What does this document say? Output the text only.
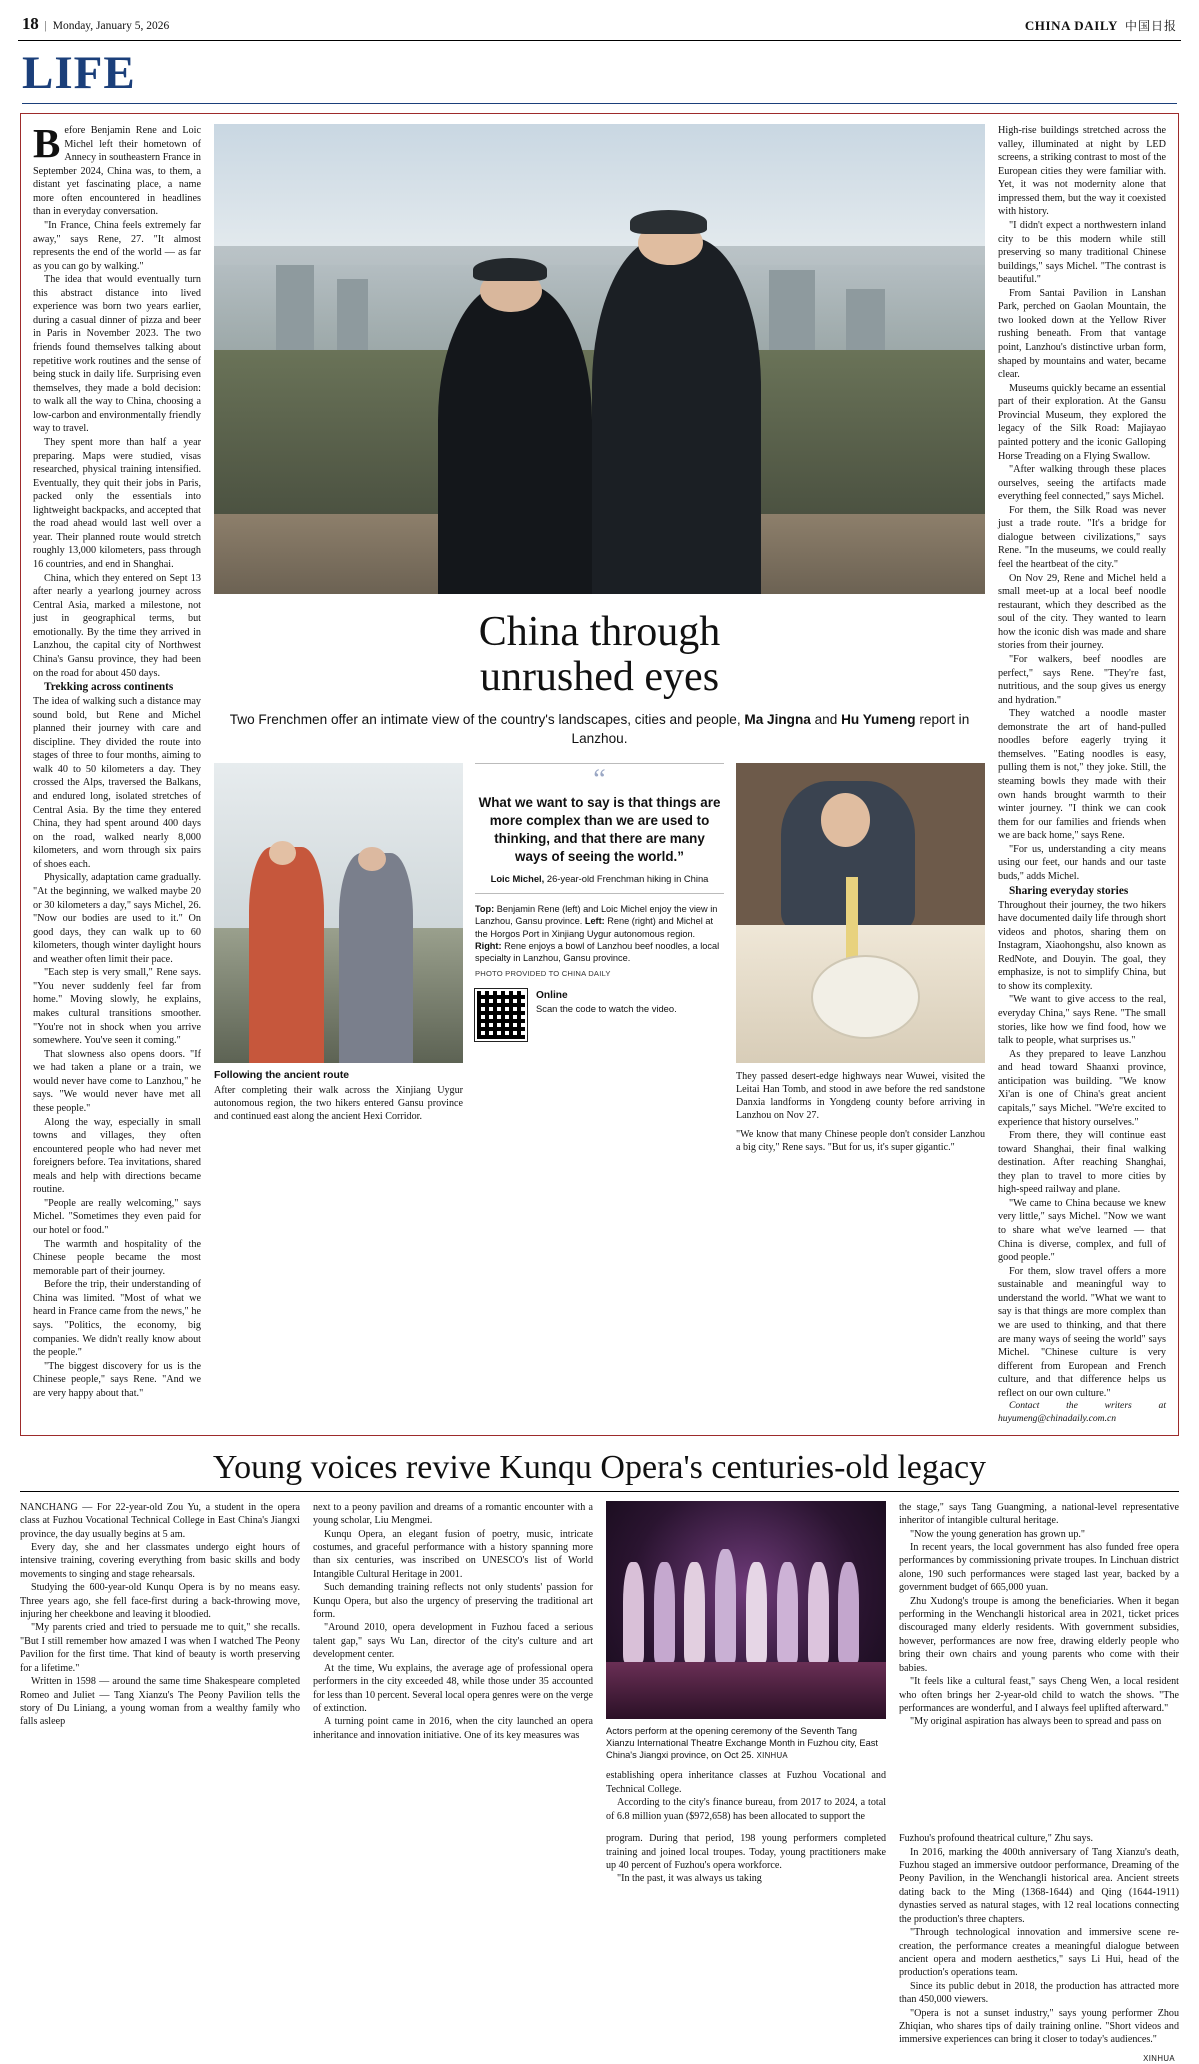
18 | Monday, January 5, 2026	CHINA DAILY 中国日报
LIFE

Before Benjamin Rene and Loic Michel left their hometown of Annecy in southeastern France in September 2024, China was, to them, a distant yet fascinating place, a name more often encountered in headlines than in everyday conversation.

"In France, China feels extremely far away," says Rene, 27. "It almost represents the end of the world — as far as you can go by walking."

The idea that would eventually turn this abstract distance into lived experience was born two years earlier, during a casual dinner of pizza and beer in Paris in November 2023. The two friends found themselves talking about repetitive work routines and the sense of being stuck in daily life. Surprising even themselves, they made a bold decision: to walk all the way to China, choosing a low-carbon and environmentally friendly way to travel.

They spent more than half a year preparing. Maps were studied, visas researched, physical training intensified. Eventually, they quit their jobs in Paris, packed only the essentials into lightweight backpacks, and accepted that the road ahead would last well over a year. Their planned route would stretch roughly 13,000 kilometers, pass through 16 countries, and end in Shanghai.

China, which they entered on Sept 13 after nearly a yearlong journey across Central Asia, marked a milestone, not just in geographical terms, but emotionally. By the time they arrived in Lanzhou, the capital city of Northwest China's Gansu province, they had been on the road for about 450 days.

Trekking across continents

The idea of walking such a distance may sound bold, but Rene and Michel planned their journey with care and discipline. They divided the route into stages of three to four months, aiming to walk 40 to 50 kilometers a day. They crossed the Alps, traversed the Balkans, and endured long, isolated stretches of Central Asia. By the time they entered China, they had spent around 400 days on the road, walked nearly 8,000 kilometers, and worn through six pairs of shoes each.

Physically, adaptation came gradually. "At the beginning, we walked maybe 20 or 30 kilometers a day," says Michel, 26. "Now our bodies are used to it." On good days, they can walk up to 60 kilometers, though winter daylight hours and weather often limit their pace.

"Each step is very small," Rene says. "You never suddenly feel far from home." Moving slowly, he explains, makes cultural transitions smoother. "You're not in shock when you arrive somewhere. You've seen it coming."

That slowness also opens doors. "If we had taken a plane or a train, we would never have come to Lanzhou," he says. "We would never have met all these people."

Along the way, especially in small towns and villages, they often encountered people who had never met foreigners before. Tea invitations, shared meals and help with directions became routine.

"People are really welcoming," says Michel. "Sometimes they even paid for our hotel or food."

The warmth and hospitality of the Chinese people became the most memorable part of their journey.

Before the trip, their understanding of China was limited. "Most of what we heard in France came from the news," he says. "Politics, the economy, big companies. We didn't really know about the people."

"The biggest discovery for us is the Chinese people," says Rene. "And we are very happy about that."

China through
unrushed eyes
Two Frenchmen offer an intimate view of the country's landscapes, cities and people, Ma Jingna and Hu Yumeng report in Lanzhou.
Following the ancient route
After completing their walk across the Xinjiang Uygur autonomous region, the two hikers entered Gansu province and continued east along the ancient Hexi Corridor.
“
What we want to say is that things are more complex than we are used to thinking, and that there are many ways of seeing the world.”
Loic Michel, 26-year-old Frenchman hiking in China
Top: Benjamin Rene (left) and Loic Michel enjoy the view in Lanzhou, Gansu province. Left: Rene (right) and Michel at the Horgos Port in Xinjiang Uygur autonomous region. Right: Rene enjoys a bowl of Lanzhou beef noodles, a local specialty in Lanzhou, Gansu province.
PHOTO PROVIDED TO CHINA DAILY
Online
Scan the code to watch the video.
They passed desert-edge highways near Wuwei, visited the Leitai Han Tomb, and stood in awe before the red sandstone Danxia landforms in Yongdeng county before arriving in Lanzhou on Nov 27.
"We know that many Chinese people don't consider Lanzhou a big city," Rene says. "But for us, it's super gigantic."

High-rise buildings stretched across the valley, illuminated at night by LED screens, a striking contrast to most of the European cities they were familiar with. Yet, it was not modernity alone that impressed them, but the way it coexisted with history.

"I didn't expect a northwestern inland city to be this modern while still preserving so many traditional Chinese buildings," says Michel. "The contrast is beautiful."

From Santai Pavilion in Lanshan Park, perched on Gaolan Mountain, the two looked down at the Yellow River rushing beneath. From that vantage point, Lanzhou's distinctive urban form, shaped by mountains and water, became clear.

Museums quickly became an essential part of their exploration. At the Gansu Provincial Museum, they explored the legacy of the Silk Road: Majiayao painted pottery and the iconic Galloping Horse Treading on a Flying Swallow.

"After walking through these places ourselves, seeing the artifacts made everything feel connected," says Michel.

For them, the Silk Road was never just a trade route. "It's a bridge for dialogue between civilizations," says Rene. "In the museums, we could really feel the heartbeat of the city."

On Nov 29, Rene and Michel held a small meet-up at a local beef noodle restaurant, which they described as the soul of the city. They wanted to learn how the iconic dish was made and share stories from their journey.

"For walkers, beef noodles are perfect," says Rene. "They're fast, nutritious, and the soup gives us energy and hydration."

They watched a noodle master demonstrate the art of hand-pulled noodles before eagerly trying it themselves. "Eating noodles is easy, pulling them is not," they joke. Still, the steaming bowls they made with their own hands brought warmth to their winter journey. "I think we can cook them for our families and friends when we are back home," says Rene.

"For us, understanding a city means using our feet, our hands and our taste buds," adds Michel.

Sharing everyday stories

Throughout their journey, the two hikers have documented daily life through short videos and photos, sharing them on Instagram, Xiaohongshu, also known as RedNote, and Douyin. The goal, they emphasize, is not to simplify China, but to show its complexity.

"We want to give access to the real, everyday China," says Rene. "The small stories, like how we find food, how we talk to people, what surprises us."

As they prepared to leave Lanzhou and head toward Shaanxi province, anticipation was building. "We know Xi'an is one of China's great ancient capitals," says Michel. "We're excited to experience that history ourselves."

From there, they will continue east toward Shanghai, their final walking destination. After reaching Shanghai, they plan to travel to more cities by high-speed railway and plane.

"We came to China because we knew very little," says Michel. "Now we want to share what we've learned — that China is diverse, complex, and full of good people."

For them, slow travel offers a more sustainable and meaningful way to understand the world. "What we want to say is that things are more complex than we are used to thinking, and that there are many ways of seeing the world" says Michel. "Chinese culture is very different from European and French culture, and that difference helps us reflect on our own culture."

Contact the writers at huyumeng@chinadaily.com.cn

Young voices revive Kunqu Opera's centuries-old legacy

NANCHANG — For 22-year-old Zou Yu, a student in the opera class at Fuzhou Vocational Technical College in East China's Jiangxi province, the day usually begins at 5 am.

Every day, she and her classmates undergo eight hours of intensive training, covering everything from basic skills and body movements to singing and stage rehearsals.

Studying the 600-year-old Kunqu Opera is by no means easy. Three years ago, she fell face-first during a back-throwing move, injuring her cheekbone and leaving it bloodied.

"My parents cried and tried to persuade me to quit," she recalls. "But I still remember how amazed I was when I watched The Peony Pavilion for the first time. That kind of beauty is worth preserving for a lifetime."

Written in 1598 — around the same time Shakespeare completed Romeo and Juliet — Tang Xianzu's The Peony Pavilion tells the story of Du Liniang, a young woman from a wealthy family who falls asleep

next to a peony pavilion and dreams of a romantic encounter with a young scholar, Liu Mengmei.

Kunqu Opera, an elegant fusion of poetry, music, intricate costumes, and graceful performance with a history spanning more than six centuries, was inscribed on UNESCO's list of World Intangible Cultural Heritage in 2001.

Such demanding training reflects not only students' passion for Kunqu Opera, but also the urgency of preserving the traditional art form.

"Around 2010, opera development in Fuzhou faced a serious talent gap," says Wu Lan, director of the city's culture and art development center.

At the time, Wu explains, the average age of professional opera performers in the city exceeded 48, while those under 35 accounted for less than 10 percent. Several local opera genres were on the verge of extinction.

A turning point came in 2016, when the city launched an opera inheritance and innovation initiative. One of its key measures was	Actors perform at the opening ceremony of the Seventh Tang Xianzu International Theatre Exchange Month in Fuzhou city, East China's Jiangxi province, on Oct 25. XINHUA

establishing opera inheritance classes at Fuzhou Vocational and Technical College.

According to the city's finance bureau, from 2017 to 2024, a total of 6.8 million yuan ($972,658) has been allocated to support the

the stage," says Tang Guangming, a national-level representative inheritor of intangible cultural heritage.

"Now the young generation has grown up."

In recent years, the local government has also funded free opera performances by commissioning private troupes. In Linchuan district alone, 190 such performances were staged last year, backed by a government budget of 665,000 yuan.

Zhu Xudong's troupe is among the beneficiaries. When it began performing in the Wenchangli historical area in 2021, ticket prices discouraged many elderly residents. With government subsidies, however, performances are now free, drawing elderly people who bring their own chairs and young parents who come with their babies.

"It feels like a cultural feast," says Cheng Wen, a local resident who often brings her 2-year-old child to watch the shows. "The performances are wonderful, and I always feel uplifted afterward."

"My original aspiration has always been to spread and pass on

program. During that period, 198 young performers completed training and joined local troupes. Today, young practitioners make up 40 percent of Fuzhou's opera workforce.

"In the past, it was always us taking

Fuzhou's profound theatrical culture," Zhu says.

In 2016, marking the 400th anniversary of Tang Xianzu's death, Fuzhou staged an immersive outdoor performance, Dreaming of the Peony Pavilion, in the Wenchangli historical area. Ancient streets dating back to the Ming (1368-1644) and Qing (1644-1911) dynasties served as natural stages, with 12 real locations connecting the production's three chapters.

"Through technological innovation and immersive scene re-creation, the performance creates a meaningful dialogue between ancient opera and modern aesthetics," says Li Hui, head of the production's operations team.

Since its public debut in 2018, the production has attracted more than 450,000 viewers.

"Opera is not a sunset industry," says young performer Zhou Zhiqian, who shares tips of daily training online. "Short videos and immersive experiences can bring it closer to today's audiences."

XINHUA
